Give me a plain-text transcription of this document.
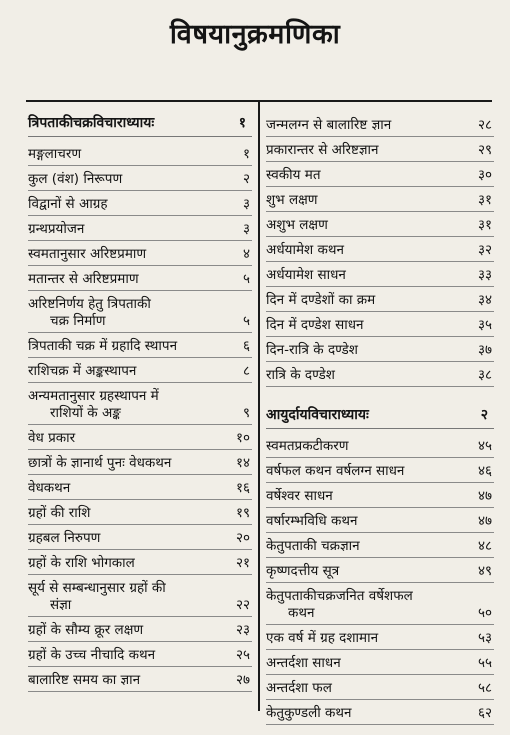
विषयानुक्रमणिका
त्रिपताकीचक्रविचाराध्यायः	१
मङ्गलाचरण	१
कुल (वंश) निरूपण	२
विद्वानों से आग्रह	३
ग्रन्थप्रयोजन	३
स्वमतानुसार अरिष्टप्रमाण	४
मतान्तर से अरिष्टप्रमाण	५
अरिष्टनिर्णय हेतु त्रिपताकी
चक्र निर्माण	५
त्रिपताकी चक्र में ग्रहादि स्थापन	६
राशिचक्र में अङ्कस्थापन	८
अन्यमतानुसार ग्रहस्थापन में
राशियों के अङ्क	९
वेध प्रकार	१०
छात्रों के ज्ञानार्थ पुनः वेधकथन	१४
वेधकथन	१६
ग्रहों की राशि	१९
ग्रहबल निरुपण	२०
ग्रहों के राशि भोगकाल	२१
सूर्य से सम्बन्धानुसार ग्रहों की
संज्ञा	२२
ग्रहों के सौम्य क्रूर लक्षण	२३
ग्रहों के उच्च नीचादि कथन	२५
बालारिष्ट समय का ज्ञान	२७
जन्मलग्न से बालारिष्ट ज्ञान	२८
प्रकारान्तर से अरिष्टज्ञान	२९
स्वकीय मत	३०
शुभ लक्षण	३१
अशुभ लक्षण	३१
अर्धयामेश कथन	३२
अर्धयामेश साधन	३३
दिन में दण्डेशों का क्रम	३४
दिन में दण्डेश साधन	३५
दिन-रात्रि के दण्डेश	३७
रात्रि के दण्डेश	३८
आयुर्दायविचाराध्यायः	२
स्वमतप्रकटीकरण	४५
वर्षफल कथन वर्षलग्न साधन	४६
वर्षेश्वर साधन	४७
वर्षारम्भविधि कथन	४७
केतुपताकी चक्रज्ञान	४८
कृष्णदत्तीय सूत्र	४९
केतुपताकीचक्रजनित वर्षेशफल
कथन	५०
एक वर्ष में ग्रह दशामान	५३
अन्तर्दशा साधन	५५
अन्तर्दशा फल	५८
केतुकुण्डली कथन	६२
